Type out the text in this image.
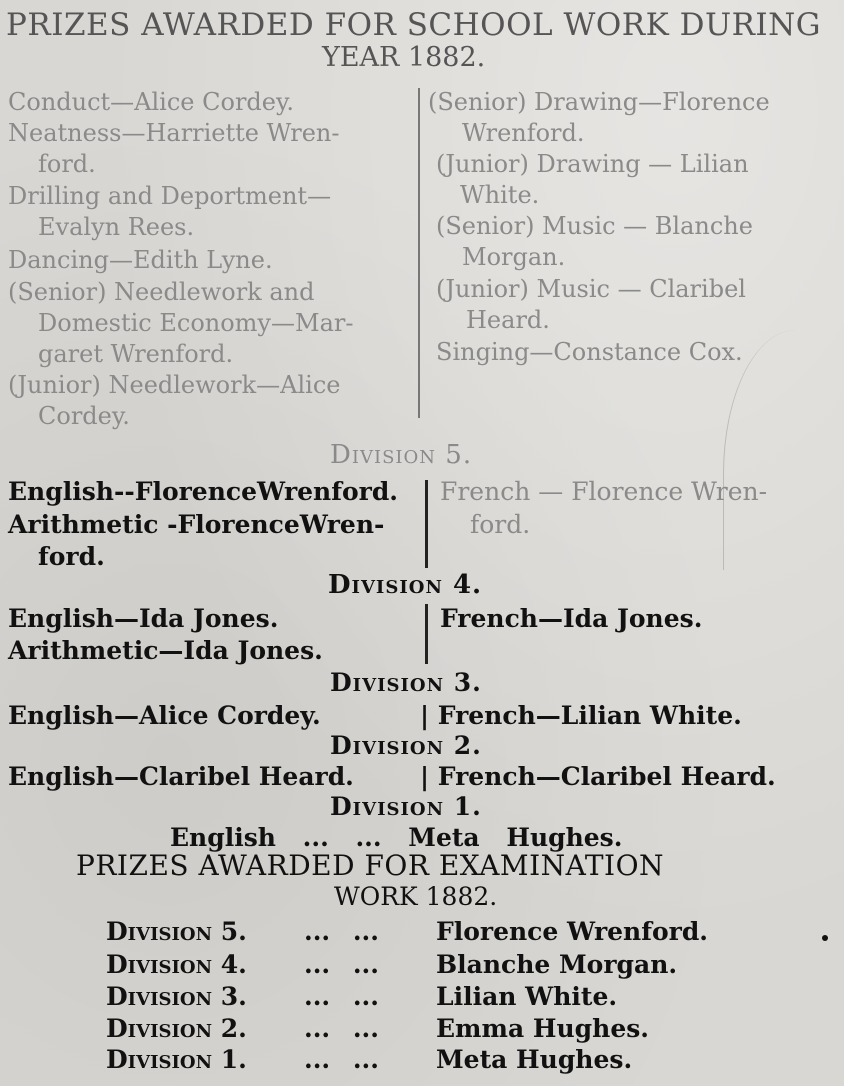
PRIZES AWARDED FOR SCHOOL WORK DURING
YEAR 1882.
Conduct—Alice Cordey.
Neatness—Harriette Wren-
ford.
Drilling and Deportment—
Evalyn Rees.
Dancing—Edith Lyne.
(Senior) Needlework and
Domestic Economy—Mar-
garet Wrenford.
(Junior) Needlework—Alice
Cordey.
(Senior) Drawing—Florence
Wrenford.
(Junior) Drawing — Lilian
White.
(Senior) Music — Blanche
Morgan.
(Junior) Music — Claribel
Heard.
Singing—Constance Cox.
Division 5.
English--FlorenceWrenford.
Arithmetic -FlorenceWren-
ford.
French — Florence Wren-
ford.
Division 4.
English—Ida Jones.
Arithmetic—Ida Jones.
French—Ida Jones.
Division 3.
English—Alice Cordey.	| French—Lilian White.
Division 2.
English—Claribel Heard.	| French—Claribel Heard.
Division 1.
English ... ... Meta Hughes.
PRIZES AWARDED FOR EXAMINATION
WORK 1882.
Division 5. ... ... Florence Wrenford.
Division 4. ... ... Blanche Morgan.
Division 3. ... ... Lilian White.
Division 2. ... ... Emma Hughes.
Division 1. ... ... Meta Hughes.
